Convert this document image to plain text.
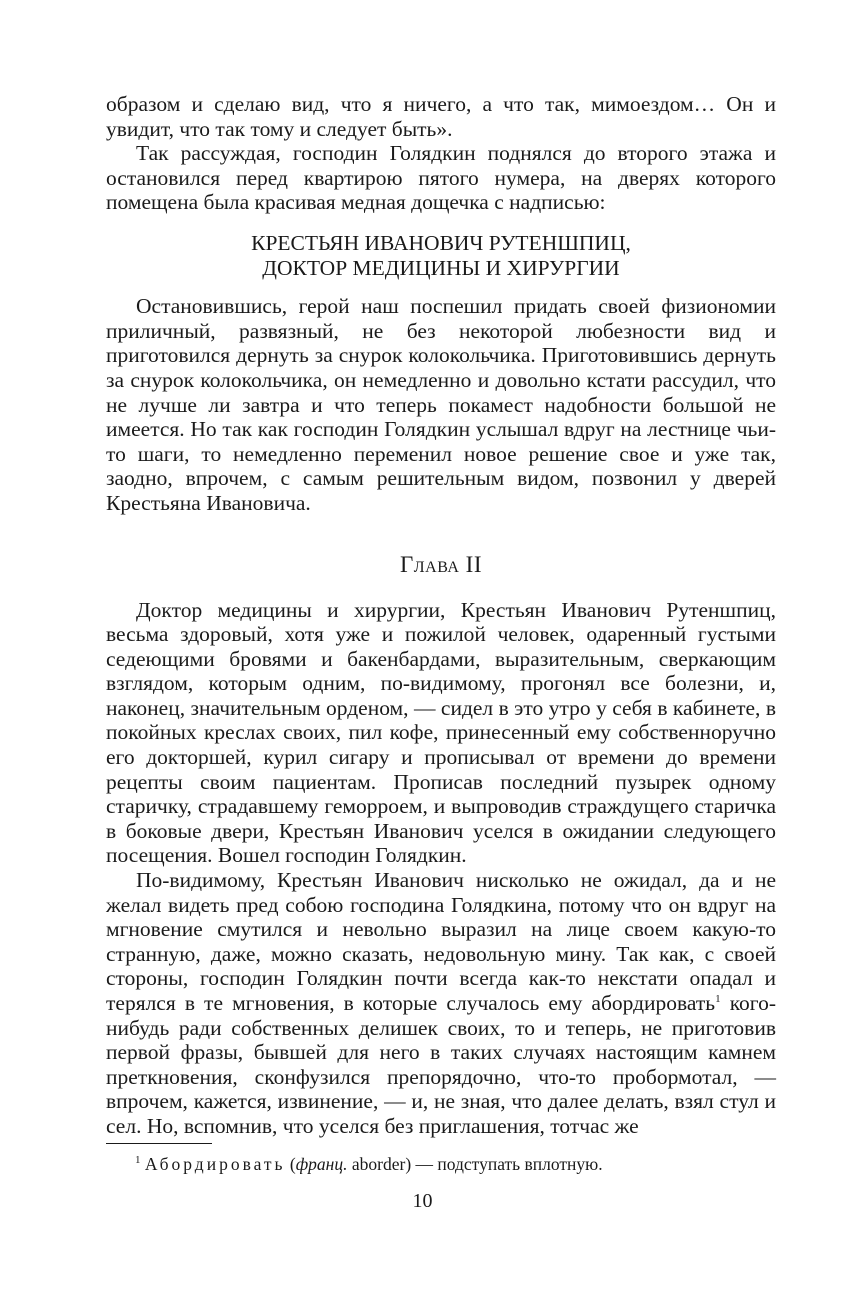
образом и сделаю вид, что я ничего, а что так, мимоездом… Он и увидит, что так тому и следует быть».

Так рассуждая, господин Голядкин поднялся до второго этажа и остановился перед квартирою пятого нумера, на дверях которого помещена была красивая медная дощечка с надписью:

КРЕСТЬЯН ИВАНОВИЧ РУТЕНШПИЦ,
ДОКТОР МЕДИЦИНЫ И ХИРУРГИИ

Остановившись, герой наш поспешил придать своей физиономии приличный, развязный, не без некоторой любезности вид и приготовился дернуть за снурок колокольчика. Приготовившись дернуть за снурок колокольчика, он немедленно и довольно кстати рассудил, что не лучше ли завтра и что теперь покамест надобности большой не имеется. Но так как господин Голядкин услышал вдруг на лестнице чьи-то шаги, то немедленно переменил новое решение свое и уже так, заодно, впрочем, с самым решительным видом, позвонил у дверей Крестьяна Ивановича.

Глава II

Доктор медицины и хирургии, Крестьян Иванович Рутеншпиц, весьма здоровый, хотя уже и пожилой человек, одаренный густыми седеющими бровями и бакенбардами, выразительным, сверкающим взглядом, которым одним, по-видимому, прогонял все болезни, и, наконец, значительным орденом, — сидел в это утро у себя в кабинете, в покойных креслах своих, пил кофе, принесенный ему собственноручно его докторшей, курил сигару и прописывал от времени до времени рецепты своим пациентам. Прописав последний пузырек одному старичку, страдавшему геморроем, и выпроводив страждущего старичка в боковые двери, Крестьян Иванович уселся в ожидании следующего посещения. Вошел господин Голядкин.

По-видимому, Крестьян Иванович нисколько не ожидал, да и не желал видеть пред собою господина Голядкина, потому что он вдруг на мгновение смутился и невольно выразил на лице своем какую-то странную, даже, можно сказать, недовольную мину. Так как, с своей стороны, господин Голядкин почти всегда как-то некстати опадал и терялся в те мгновения, в которые случалось ему абордировать$^1$ кого-нибудь ради собственных делишек своих, то и теперь, не приготовив первой фразы, бывшей для него в таких случаях настоящим камнем преткновения, сконфузился препорядочно, что-то пробормотал, — впрочем, кажется, извинение, — и, не зная, что далее делать, взял стул и сел. Но, вспомнив, что уселся без приглашения, тотчас же

$^1$ Абордировать (франц. aborder) — подступать вплотную.
10
